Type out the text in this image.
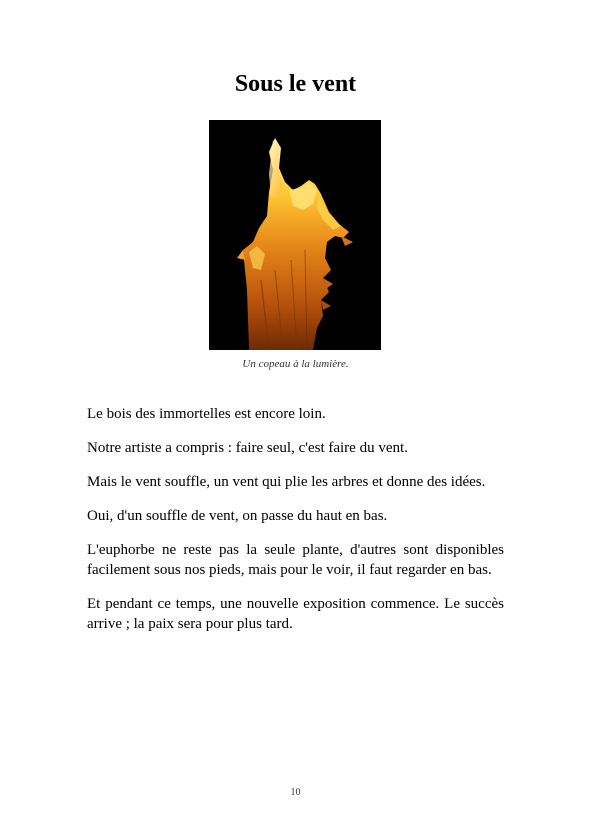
Sous le vent

Un copeau à la lumière.

Le bois des immortelles est encore loin.

Notre artiste a compris : faire seul, c'est faire du vent.

Mais le vent souffle, un vent qui plie les arbres et donne des idées.

Oui, d'un souffle de vent, on passe du haut en bas.

L'euphorbe ne reste pas la seule plante, d'autres sont disponibles facilement sous nos pieds, mais pour le voir, il faut regarder en bas.

Et pendant ce temps, une nouvelle exposition commence. Le succès arrive ; la paix sera pour plus tard.

10
